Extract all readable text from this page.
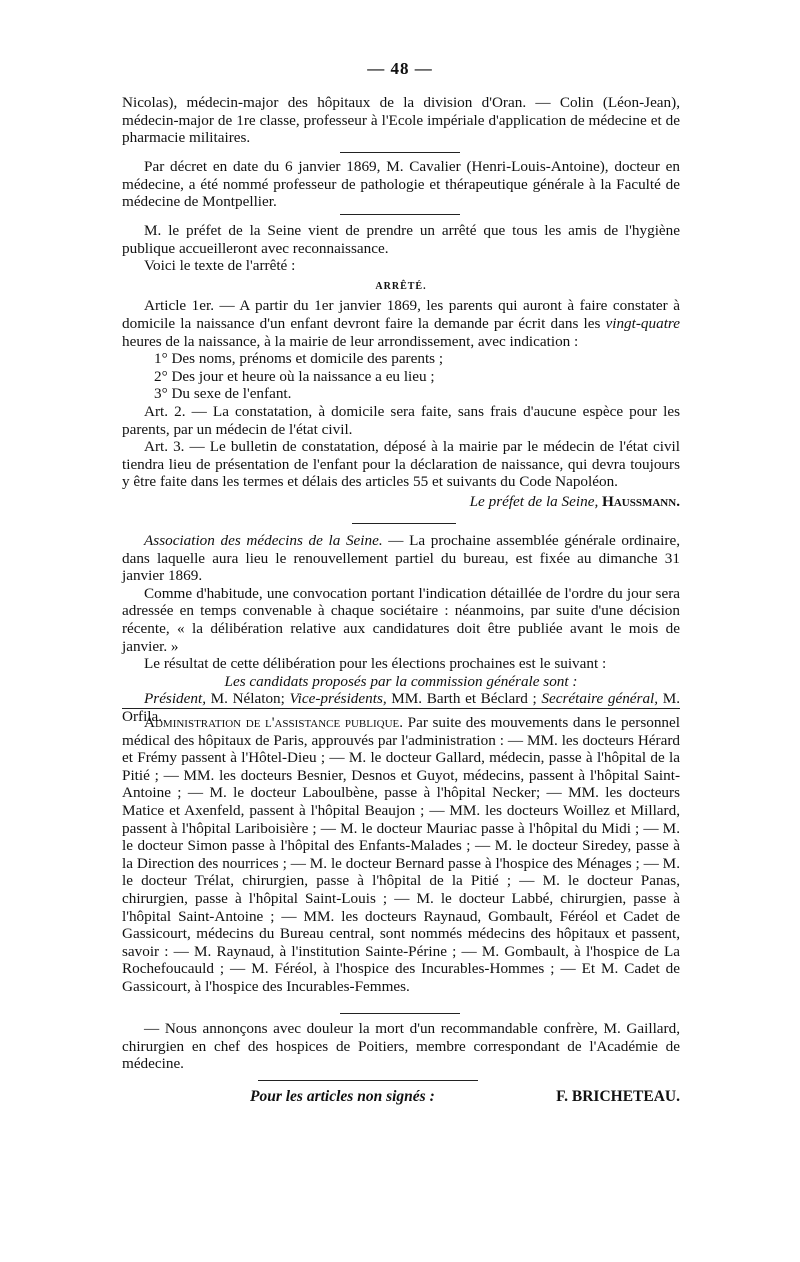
— 48 —

Nicolas), médecin-major des hôpitaux de la division d'Oran. — Colin (Léon-Jean), médecin-major de 1re classe, professeur à l'Ecole impériale d'application de médecine et de pharmacie militaires.

Par décret en date du 6 janvier 1869, M. Cavalier (Henri-Louis-Antoine), docteur en médecine, a été nommé professeur de pathologie et thérapeutique générale à la Faculté de médecine de Montpellier.

M. le préfet de la Seine vient de prendre un arrêté que tous les amis de l'hygiène publique accueilleront avec reconnaissance.

Voici le texte de l'arrêté :

ARRÊTÉ.

Article 1er. — A partir du 1er janvier 1869, les parents qui auront à faire constater à domicile la naissance d'un enfant devront faire la demande par écrit dans les vingt-quatre heures de la naissance, à la mairie de leur arrondissement, avec indication :

1° Des noms, prénoms et domicile des parents ;

2° Des jour et heure où la naissance a eu lieu ;

3° Du sexe de l'enfant.

Art. 2. — La constatation, à domicile sera faite, sans frais d'aucune espèce pour les parents, par un médecin de l'état civil.

Art. 3. — Le bulletin de constatation, déposé à la mairie par le médecin de l'état civil tiendra lieu de présentation de l'enfant pour la déclaration de naissance, qui devra toujours y être faite dans les termes et délais des articles 55 et suivants du Code Napoléon.

Le préfet de la Seine, Haussmann.

Association des médecins de la Seine. — La prochaine assemblée générale ordinaire, dans laquelle aura lieu le renouvellement partiel du bureau, est fixée au dimanche 31 janvier 1869.

Comme d'habitude, une convocation portant l'indication détaillée de l'ordre du jour sera adressée en temps convenable à chaque sociétaire : néanmoins, par suite d'une décision récente, « la délibération relative aux candidatures doit être publiée avant le mois de janvier. »

Le résultat de cette délibération pour les élections prochaines est le suivant :

Les candidats proposés par la commission générale sont :

Président, M. Nélaton; Vice-présidents, MM. Barth et Béclard ; Secrétaire général, M. Orfila.

Administration de l'assistance publique. Par suite des mouvements dans le personnel médical des hôpitaux de Paris, approuvés par l'administration : — MM. les docteurs Hérard et Frémy passent à l'Hôtel-Dieu ; — M. le docteur Gallard, médecin, passe à l'hôpital de la Pitié ; — MM. les docteurs Besnier, Desnos et Guyot, médecins, passent à l'hôpital Saint-Antoine ; — M. le docteur Laboulbène, passe à l'hôpital Necker; — MM. les docteurs Matice et Axenfeld, passent à l'hôpital Beaujon ; — MM. les docteurs Woillez et Millard, passent à l'hôpital Lariboisière ; — M. le docteur Mauriac passe à l'hôpital du Midi ; — M. le docteur Simon passe à l'hôpital des Enfants-Malades ; — M. le docteur Siredey, passe à la Direction des nourrices ; — M. le docteur Bernard passe à l'hospice des Ménages ; — M. le docteur Trélat, chirurgien, passe à l'hôpital de la Pitié ; — M. le docteur Panas, chirurgien, passe à l'hôpital Saint-Louis ; — M. le docteur Labbé, chirurgien, passe à l'hôpital Saint-Antoine ; — MM. les docteurs Raynaud, Gombault, Féréol et Cadet de Gassicourt, médecins du Bureau central, sont nommés médecins des hôpitaux et passent, savoir : — M. Raynaud, à l'institution Sainte-Périne ; — M. Gombault, à l'hospice de La Rochefoucauld ; — M. Féréol, à l'hospice des Incurables-Hommes ; — Et M. Cadet de Gassicourt, à l'hospice des Incurables-Femmes.

— Nous annonçons avec douleur la mort d'un recommandable confrère, M. Gaillard, chirurgien en chef des hospices de Poitiers, membre correspondant de l'Académie de médecine.

Pour les articles non signés :	F. BRICHETEAU.
